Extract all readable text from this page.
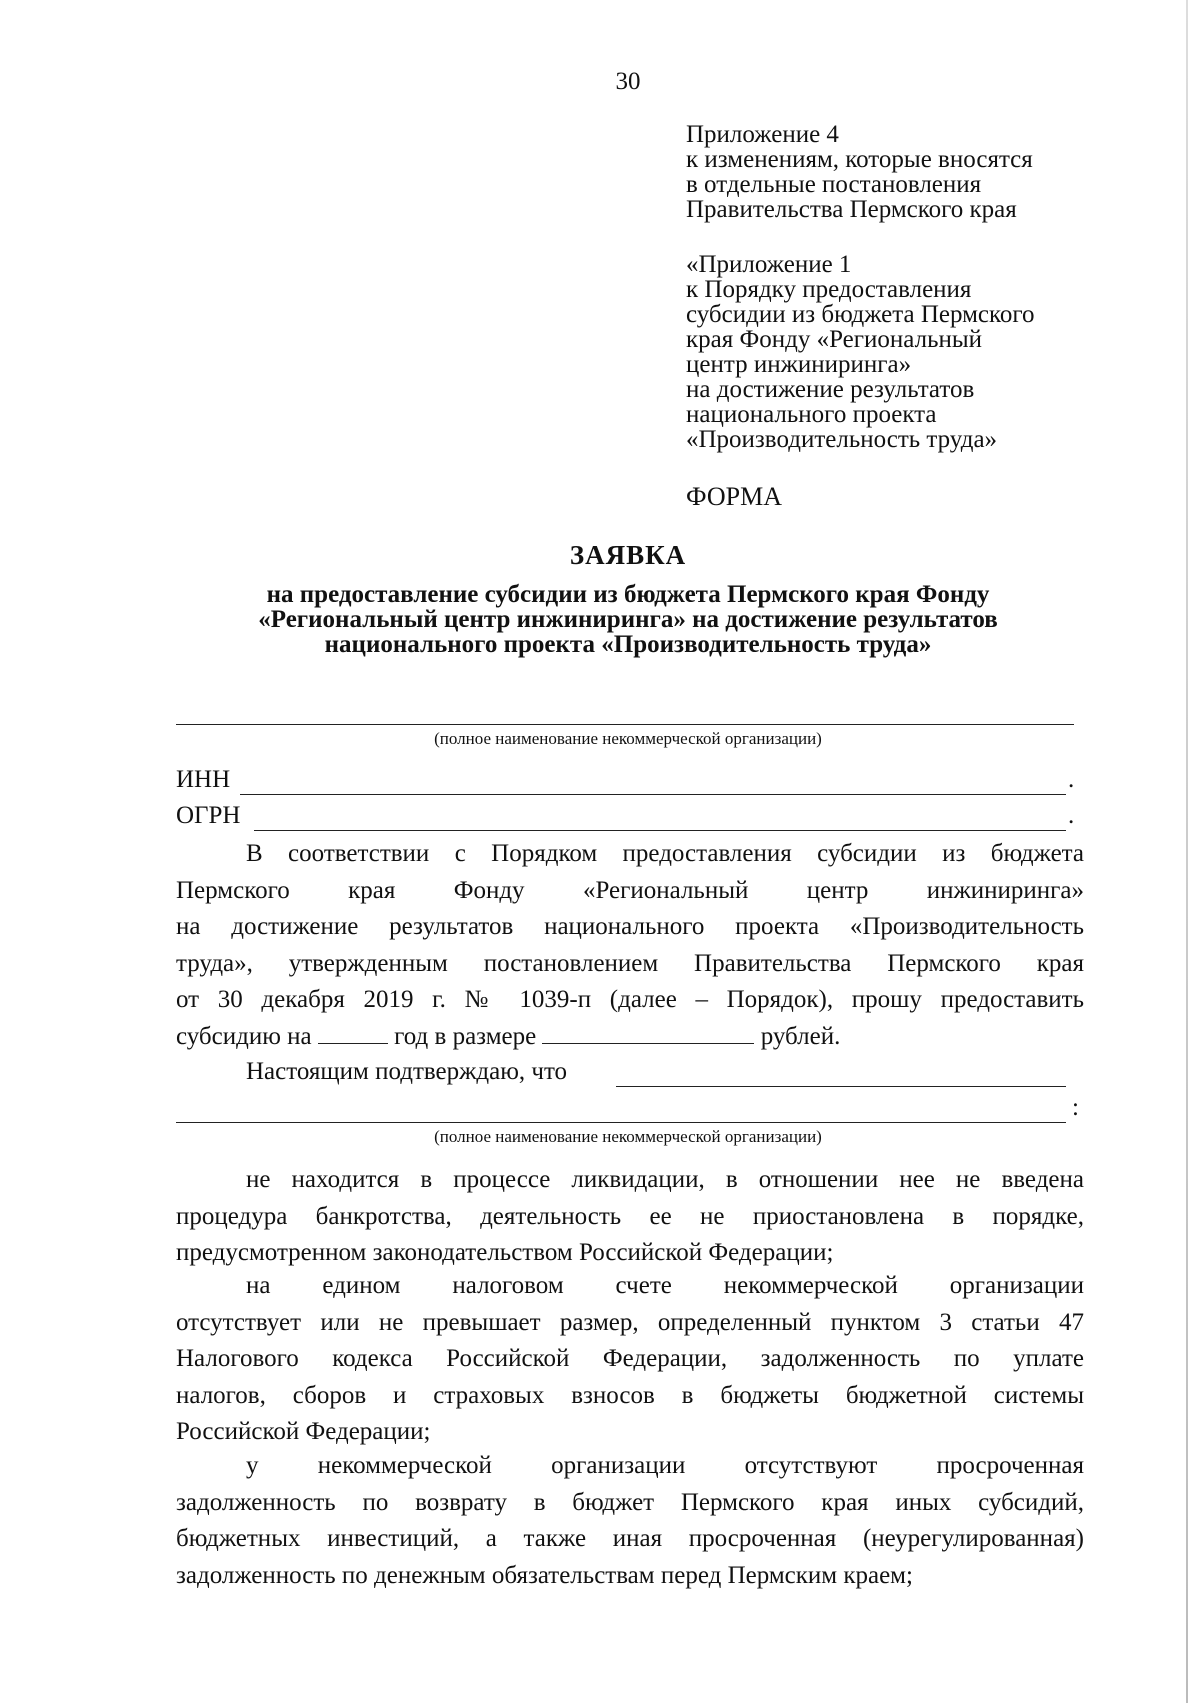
30
Приложение 4
к изменениям, которые вносятся
в отдельные постановления
Правительства Пермского края
«Приложение 1
к Порядку предоставления
субсидии из бюджета Пермского
края Фонду «Региональный
центр инжиниринга»
на достижение результатов
национального проекта
«Производительность труда»
ФОРМА
ЗАЯВКА
на предоставление субсидии из бюджета Пермского края Фонду
«Региональный центр инжиниринга» на достижение результатов
национального проекта «Производительность труда»
(полное наименование некоммерческой организации)
ИНН	.
ОГРН	.
В соответствии с Порядком предоставления субсидии из бюджета
Пермского края Фонду «Региональный центр инжиниринга»
на достижение результатов национального проекта «Производительность
труда», утвержденным постановлением Правительства Пермского края
от 30 декабря 2019 г. № 1039-п (далее – Порядок), прошу предоставить
субсидию на	год в размере	рублей.
Настоящим подтверждаю, что
:
(полное наименование некоммерческой организации)
не находится в процессе ликвидации, в отношении нее не введена
процедура банкротства, деятельность ее не приостановлена в порядке,
предусмотренном законодательством Российской Федерации;
на едином налоговом счете некоммерческой организации
отсутствует или не превышает размер, определенный пунктом 3 статьи 47
Налогового кодекса Российской Федерации, задолженность по уплате
налогов, сборов и страховых взносов в бюджеты бюджетной системы
Российской Федерации;
у некоммерческой организации отсутствуют просроченная
задолженность по возврату в бюджет Пермского края иных субсидий,
бюджетных инвестиций, а также иная просроченная (неурегулированная)
задолженность по денежным обязательствам перед Пермским краем;
